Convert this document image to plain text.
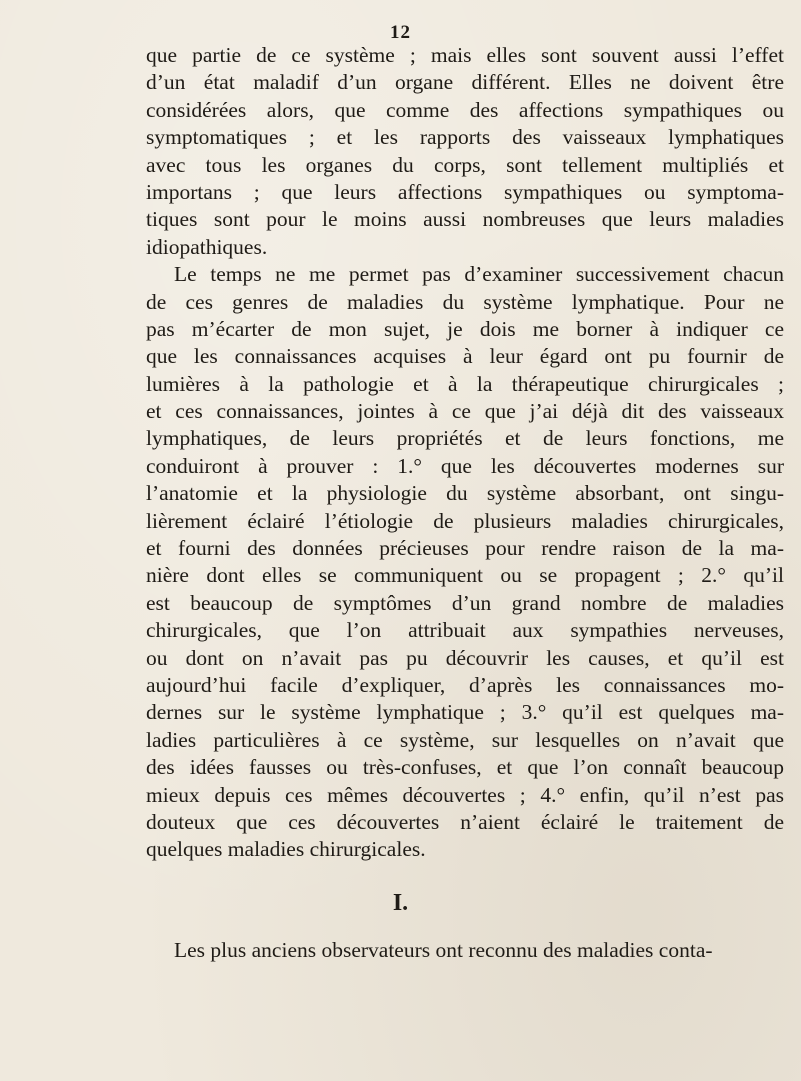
12
que partie de ce système ; mais elles sont souvent aussi l’effet
d’un état maladif d’un organe différent. Elles ne doivent être
considérées alors, que comme des affections sympathiques ou
symptomatiques ; et les rapports des vaisseaux lymphatiques
avec tous les organes du corps, sont tellement multipliés et
importans ; que leurs affections sympathiques ou symptoma-
tiques sont pour le moins aussi nombreuses que leurs maladies
idiopathiques.
Le temps ne me permet pas d’examiner successivement chacun
de ces genres de maladies du système lymphatique. Pour ne
pas m’écarter de mon sujet, je dois me borner à indiquer ce
que les connaissances acquises à leur égard ont pu fournir de
lumières à la pathologie et à la thérapeutique chirurgicales ;
et ces connaissances, jointes à ce que j’ai déjà dit des vaisseaux
lymphatiques, de leurs propriétés et de leurs fonctions, me
conduiront à prouver : 1.° que les découvertes modernes sur
l’anatomie et la physiologie du système absorbant, ont singu-
lièrement éclairé l’étiologie de plusieurs maladies chirurgicales,
et fourni des données précieuses pour rendre raison de la ma-
nière dont elles se communiquent ou se propagent ; 2.° qu’il
est beaucoup de symptômes d’un grand nombre de maladies
chirurgicales, que l’on attribuait aux sympathies nerveuses,
ou dont on n’avait pas pu découvrir les causes, et qu’il est
aujourd’hui facile d’expliquer, d’après les connaissances mo-
dernes sur le système lymphatique ; 3.° qu’il est quelques ma-
ladies particulières à ce système, sur lesquelles on n’avait que
des idées fausses ou très-confuses, et que l’on connaît beaucoup
mieux depuis ces mêmes découvertes ; 4.° enfin, qu’il n’est pas
douteux que ces découvertes n’aient éclairé le traitement de
quelques maladies chirurgicales.
I.
Les plus anciens observateurs ont reconnu des maladies conta-
